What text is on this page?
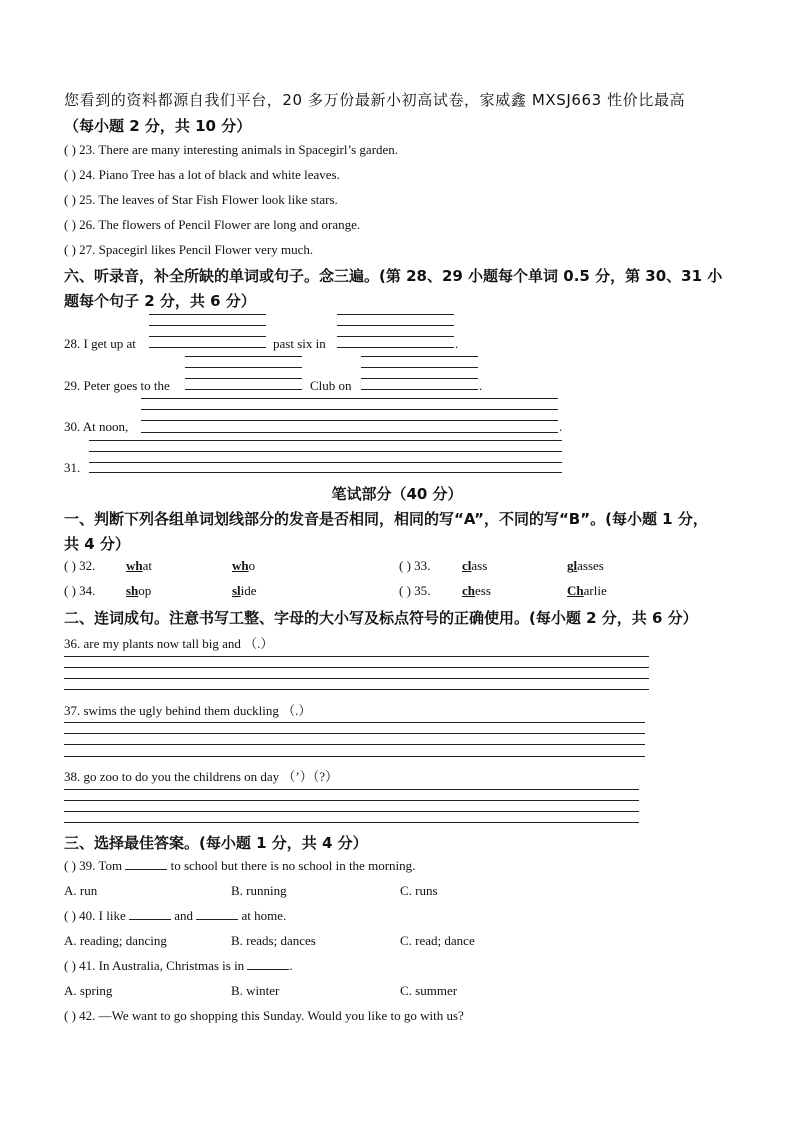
您看到的资料都源自我们平台，20 多万份最新小初高试卷，家威鑫 MXSJ663 性价比最高
（每小题 2 分，共 10 分）
( ) 23. There are many interesting animals in Spacegirl’s garden.
( ) 24. Piano Tree has a lot of black and white leaves.
( ) 25. The leaves of Star Fish Flower look like stars.
( ) 26. The flowers of Pencil Flower are long and orange.
( ) 27. Spacegirl likes Pencil Flower very much.
六、听录音，补全所缺的单词或句子。念三遍。(第 28、29 小题每个单词 0.5 分，第 30、31 小
题每个句子 2 分，共 6 分）
28. I get up at	past six in	.
29. Peter goes to the	Club on	.
30. At noon,	.
31.
笔试部分（40 分）
一、判断下列各组单词划线部分的发音是否相同，相同的写“A”，不同的写“B”。(每小题 1 分，
共 4 分）
( ) 32. what	who	( ) 33. class	glasses
( ) 34. shop	slide	( ) 35. chess	Charlie
二、连词成句。注意书写工整、字母的大小写及标点符号的正确使用。(每小题 2 分，共 6 分）
36. are my plants now tall big and （.）
37. swims the ugly behind them duckling （.）
38. go zoo to do you the childrens on day （’）（?）
三、选择最佳答案。(每小题 1 分，共 4 分）
( ) 39. Tom	to school but there is no school in the morning.
A. run	B. running	C. runs
( ) 40. I like	and	at home.
A. reading; dancing	B. reads; dances	C. read; dance
( ) 41. In Australia, Christmas is in	.
A. spring	B. winter	C. summer
( ) 42. —We want to go shopping this Sunday. Would you like to go with us?
